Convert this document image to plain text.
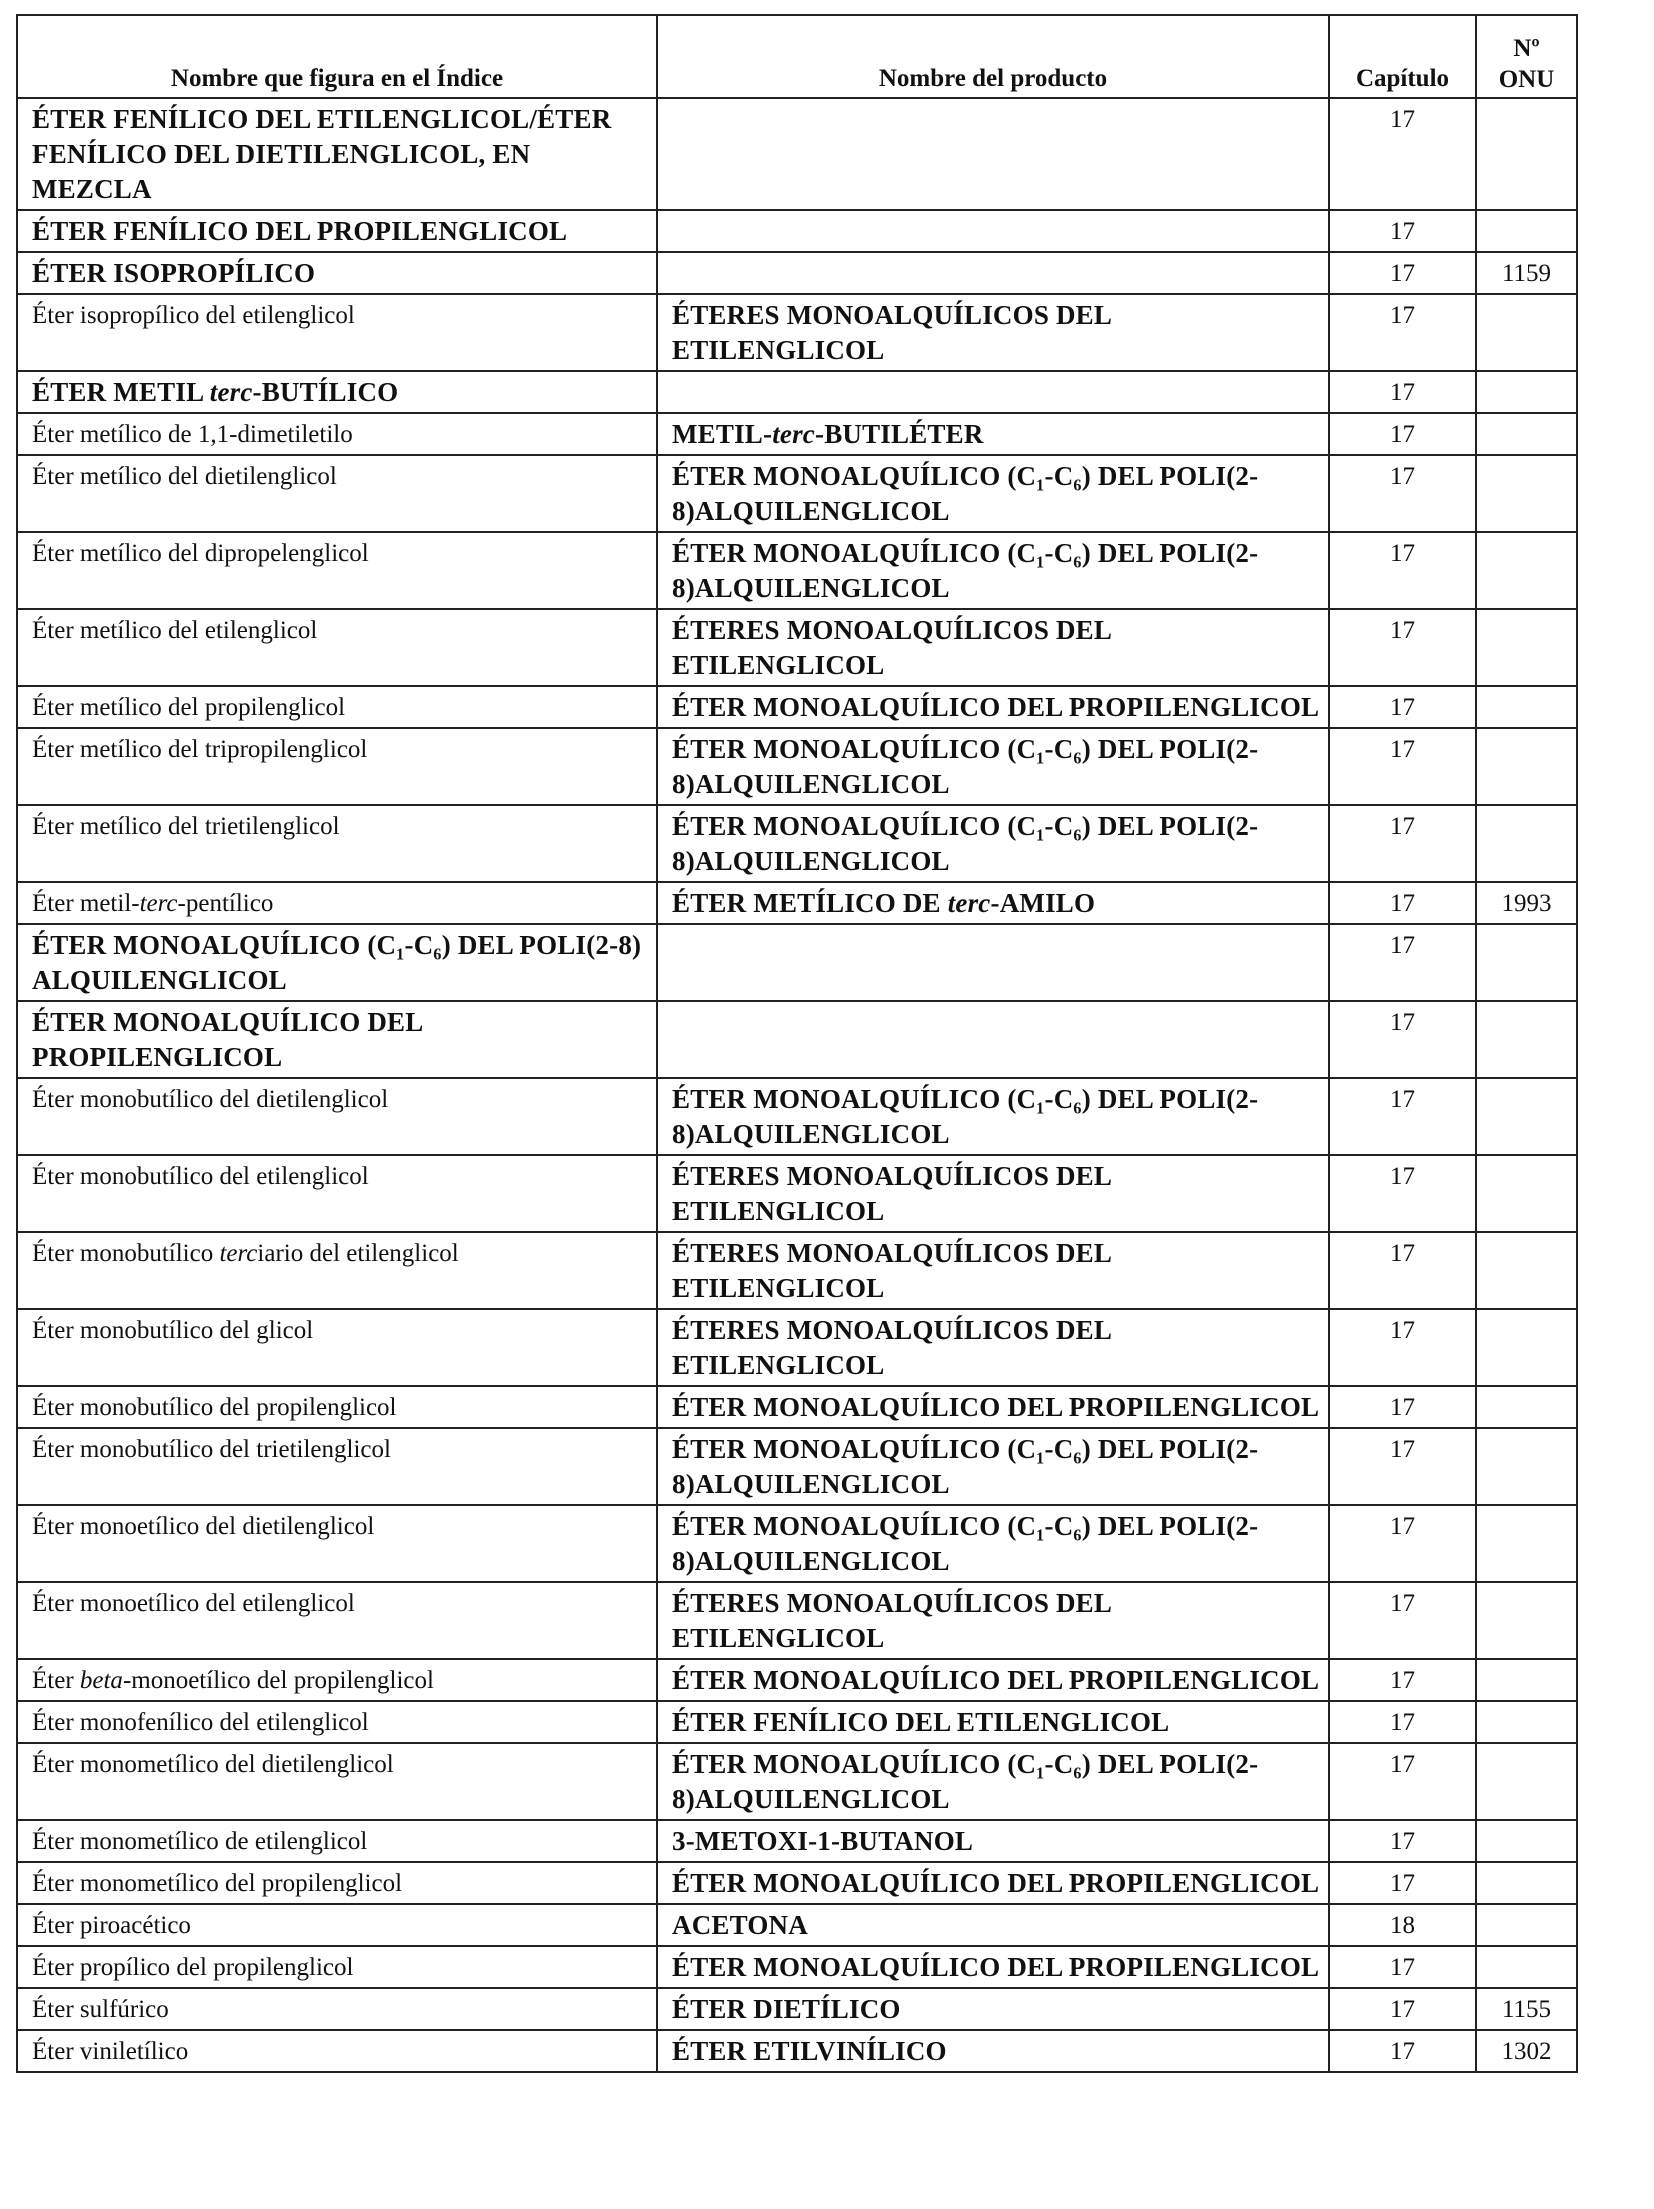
Nombre que figura en el Índice	Nombre del producto	Capítulo	Nº
ONU
ÉTER FENÍLICO DEL ETILENGLICOL/ÉTER FENÍLICO DEL DIETILENGLICOL, EN MEZCLA		17	
ÉTER FENÍLICO DEL PROPILENGLICOL		17	
ÉTER ISOPROPÍLICO		17	1159
Éter isopropílico del etilenglicol	ÉTERES MONOALQUÍLICOS DEL ETILENGLICOL	17	
ÉTER METIL terc-BUTÍLICO		17	
Éter metílico de 1,1-dimetiletilo	METIL-terc-BUTILÉTER	17	
Éter metílico del dietilenglicol	ÉTER MONOALQUÍLICO (C₁-C₆) DEL POLI(2-8)ALQUILENGLICOL	17	
Éter metílico del dipropelenglicol	ÉTER MONOALQUÍLICO (C₁-C₆) DEL POLI(2-8)ALQUILENGLICOL	17	
Éter metílico del etilenglicol	ÉTERES MONOALQUÍLICOS DEL ETILENGLICOL	17	
Éter metílico del propilenglicol	ÉTER MONOALQUÍLICO DEL PROPILENGLICOL	17	
Éter metílico del tripropilenglicol	ÉTER MONOALQUÍLICO (C₁-C₆) DEL POLI(2-8)ALQUILENGLICOL	17	
Éter metílico del trietilenglicol	ÉTER MONOALQUÍLICO (C₁-C₆) DEL POLI(2-8)ALQUILENGLICOL	17	
Éter metil-terc-pentílico	ÉTER METÍLICO DE terc-AMILO	17	1993
ÉTER MONOALQUÍLICO (C₁-C₆) DEL POLI(2-8) ALQUILENGLICOL		17	
ÉTER MONOALQUÍLICO DEL PROPILENGLICOL		17	
Éter monobutílico del dietilenglicol	ÉTER MONOALQUÍLICO (C₁-C₆) DEL POLI(2-8)ALQUILENGLICOL	17	
Éter monobutílico del etilenglicol	ÉTERES MONOALQUÍLICOS DEL ETILENGLICOL	17	
Éter monobutílico terciario del etilenglicol	ÉTERES MONOALQUÍLICOS DEL ETILENGLICOL	17	
Éter monobutílico del glicol	ÉTERES MONOALQUÍLICOS DEL ETILENGLICOL	17	
Éter monobutílico del propilenglicol	ÉTER MONOALQUÍLICO DEL PROPILENGLICOL	17	
Éter monobutílico del trietilenglicol	ÉTER MONOALQUÍLICO (C₁-C₆) DEL POLI(2-8)ALQUILENGLICOL	17	
Éter monoetílico del dietilenglicol	ÉTER MONOALQUÍLICO (C₁-C₆) DEL POLI(2-8)ALQUILENGLICOL	17	
Éter monoetílico del etilenglicol	ÉTERES MONOALQUÍLICOS DEL ETILENGLICOL	17	
Éter beta-monoetílico del propilenglicol	ÉTER MONOALQUÍLICO DEL PROPILENGLICOL	17	
Éter monofenílico del etilenglicol	ÉTER FENÍLICO DEL ETILENGLICOL	17	
Éter monometílico del dietilenglicol	ÉTER MONOALQUÍLICO (C₁-C₆) DEL POLI(2-8)ALQUILENGLICOL	17	
Éter monometílico de etilenglicol	3-METOXI-1-BUTANOL	17	
Éter monometílico del propilenglicol	ÉTER MONOALQUÍLICO DEL PROPILENGLICOL	17	
Éter piroacético	ACETONA	18	
Éter propílico del propilenglicol	ÉTER MONOALQUÍLICO DEL PROPILENGLICOL	17	
Éter sulfúrico	ÉTER DIETÍLICO	17	1155
Éter viniletílico	ÉTER ETILVINÍLICO	17	1302
